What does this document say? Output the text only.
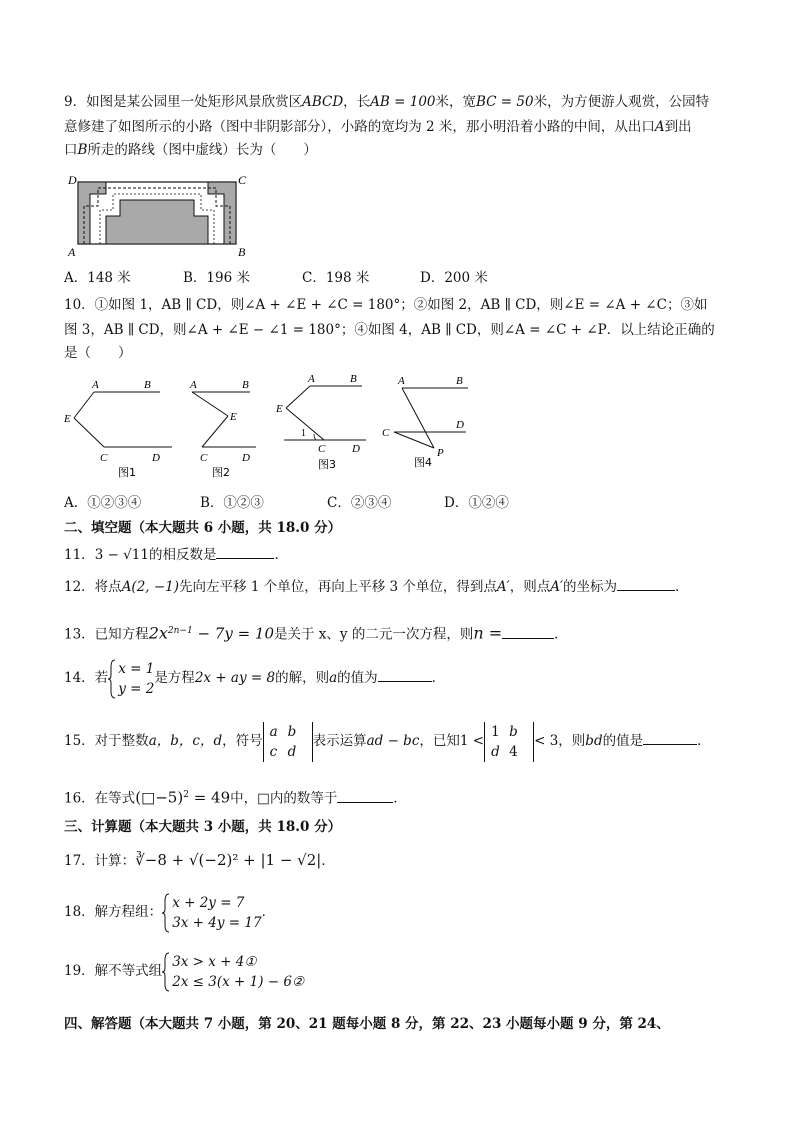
9．如图是某公园里一处矩形风景欣赏区ABCD，长AB = 100米，宽BC = 50米，为方便游人观赏，公园特
意修建了如图所示的小路（图中非阴影部分），小路的宽均为 2 米，那小明沿着小路的中间，从出口A到出
口B所走的路线（图中虚线）长为（　　）
D	C
A	B
A．148 米	B．196 米	C．198 米	D．200 米
10．①如图 1，AB ∥ CD，则∠A + ∠E + ∠C = 180°；②如图 2，AB ∥ CD，则∠E = ∠A + ∠C；③如
图 3，AB ∥ CD，则∠A + ∠E − ∠1 = 180°；④如图 4，AB ∥ CD，则∠A = ∠C + ∠P．以上结论正确的
是（　　）
A	B
E
C	D
图1
A	B
E
C	D
图2
A	B
E
1
C D
图3
A	B
C
D
P
图4
A．①②③④	B．①②③	C．②③④	D．①②④
二、填空题（本大题共 6 小题，共 18.0 分）
11．3 − √11的相反数是	．
12．将点A(2, −1)先向左平移 1 个单位，再向上平移 3 个单位，得到点A′，则点A′的坐标为	．
13．已知方程$2x^{2n-1} - 7y = 10$是关于 x、y 的二元一次方程，则n =	．
14．若
x = 1
y = 2
是方程2x + ay = 8的解，则a的值为	．
15．对于整数a，b，c，d，符号a b
c d表示运算ad − bc，已知1 <1 b
d 4< 3，则bd的值是	．
16．在等式(□−5)$^2$ = 49中，□内的数等于	．
三、计算题（本大题共 3 小题，共 18.0 分）
17．计算：∛−8 + √(−2)² + |1 − √2|．
18．解方程组：
x + 2y = 7
3x + 4y = 17
．
19．解不等式组
3x > x + 4①
2x ≤ 3(x + 1) − 6②
四、解答题（本大题共 7 小题，第 20、21 题每小题 8 分，第 22、23 小题每小题 9 分，第 24、
